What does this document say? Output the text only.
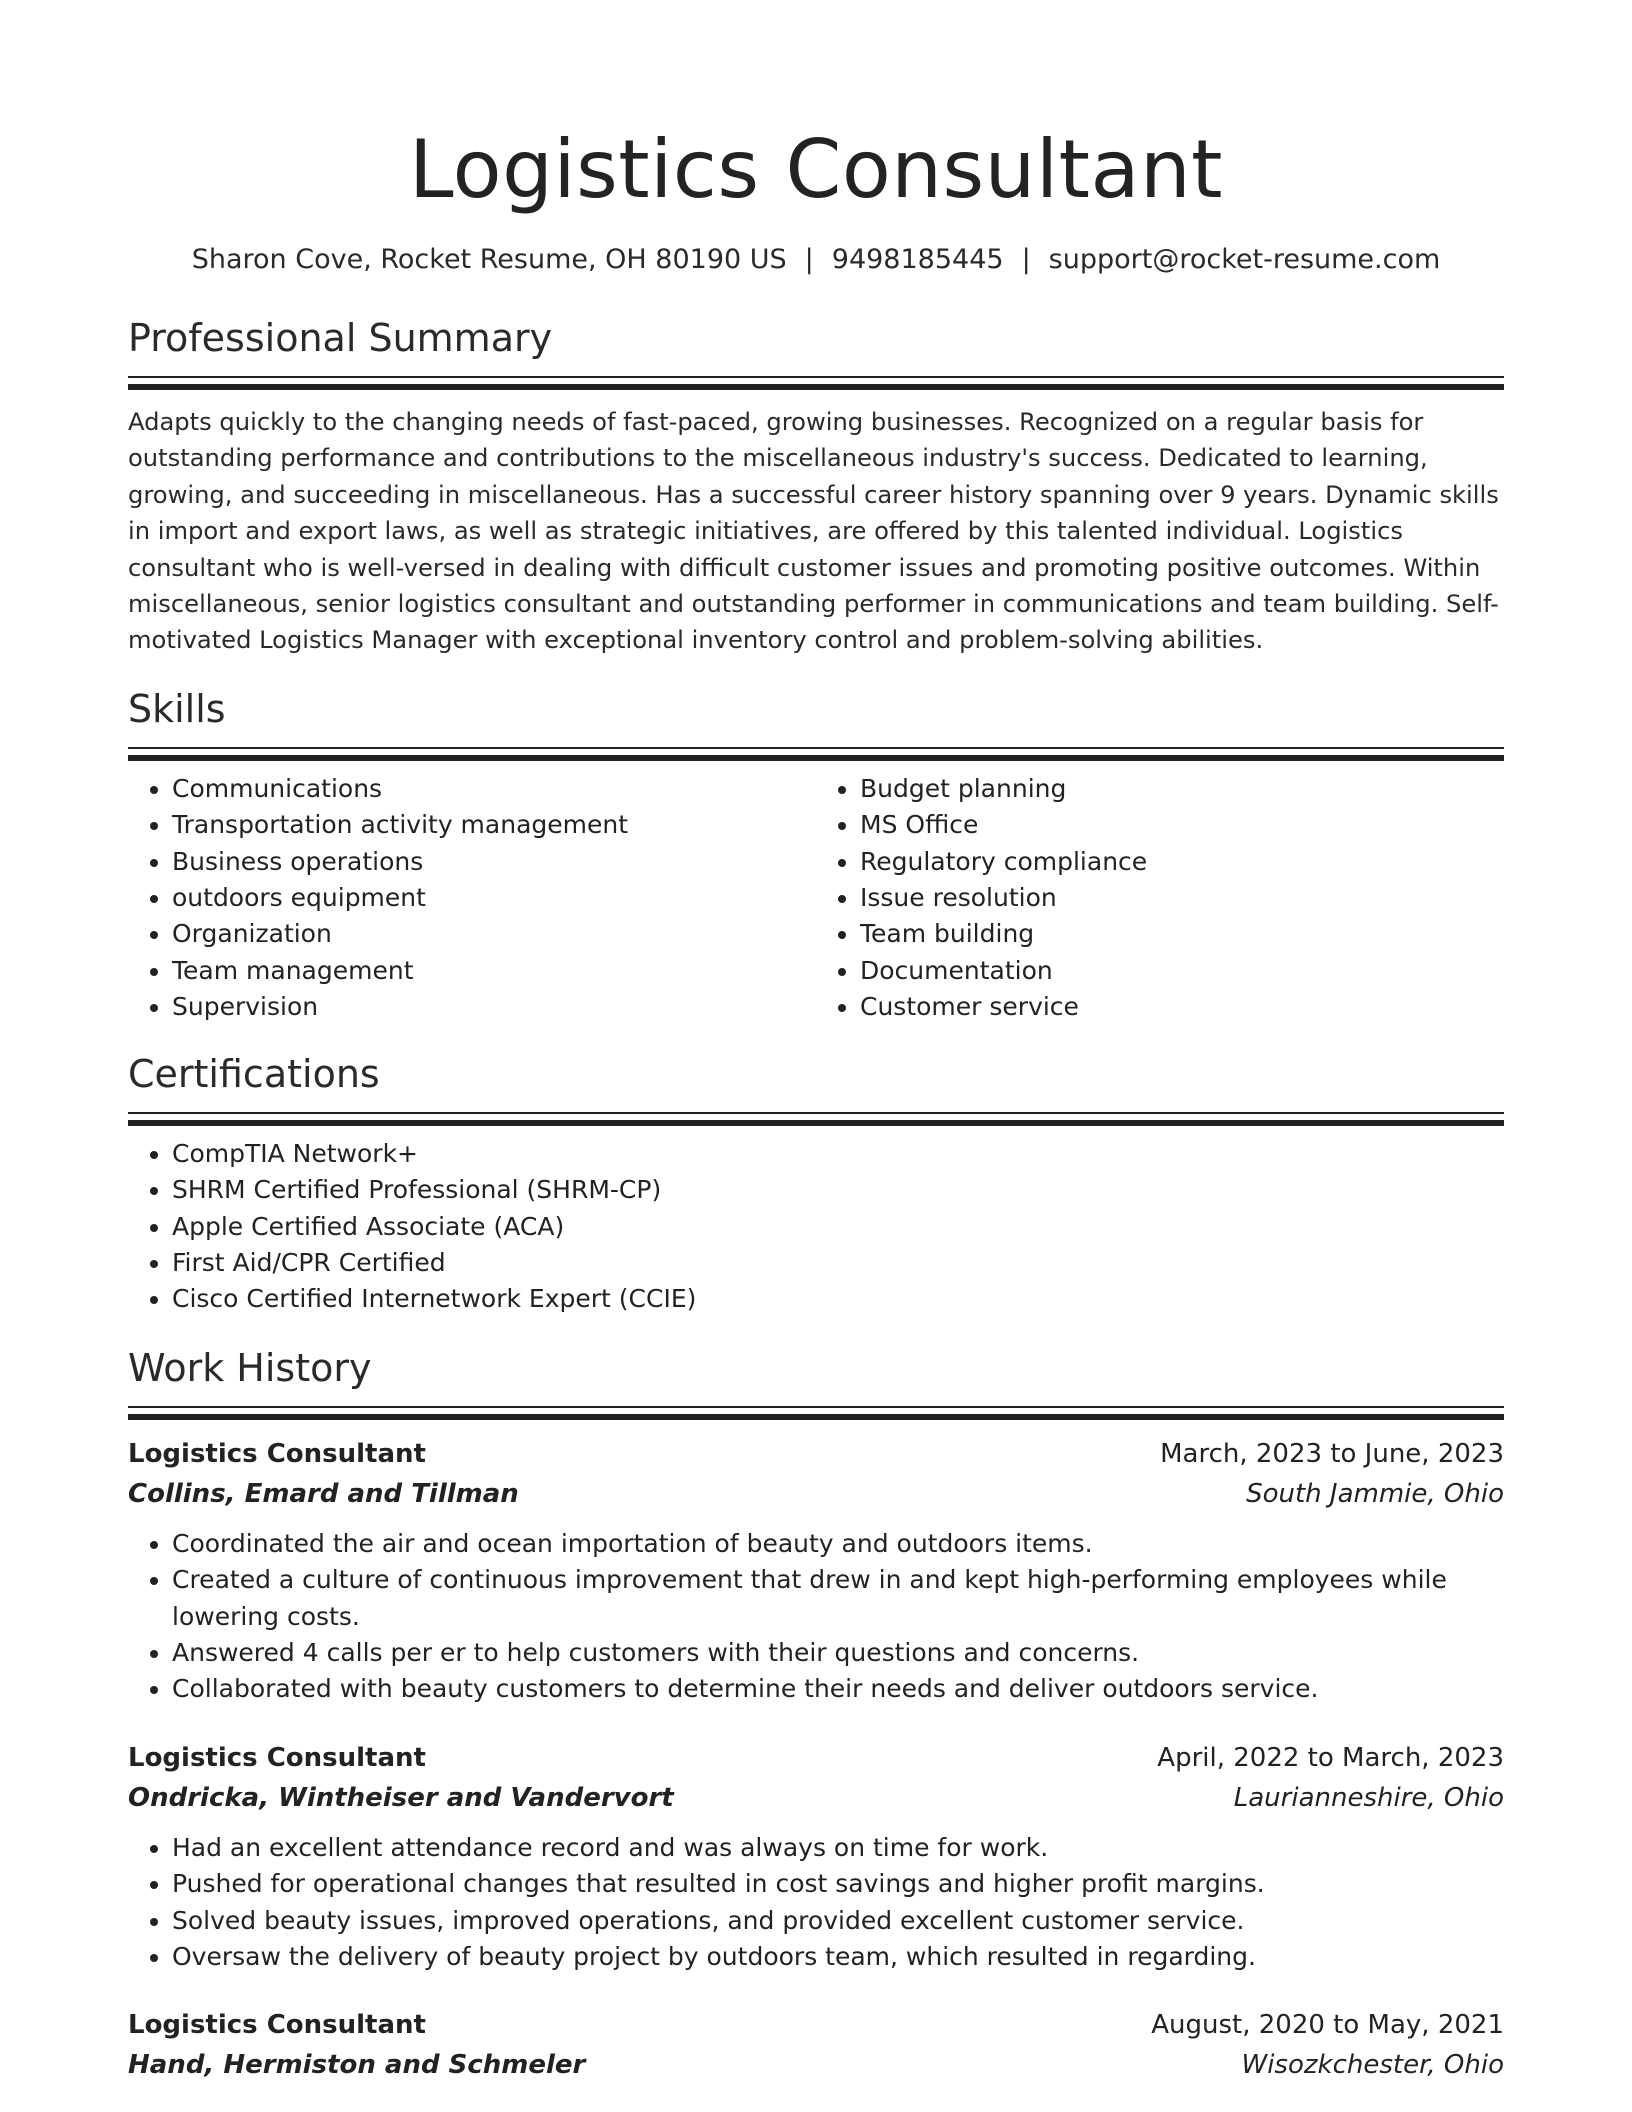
Logistics Consultant
Sharon Cove, Rocket Resume, OH 80190 US | 9498185445 | support@rocket-resume.com
Professional Summary
Adapts quickly to the changing needs of fast-paced, growing businesses. Recognized on a regular basis for outstanding performance and contributions to the miscellaneous industry's success. Dedicated to learning, growing, and succeeding in miscellaneous. Has a successful career history spanning over 9 years. Dynamic skills in import and export laws, as well as strategic initiatives, are offered by this talented individual. Logistics consultant who is well-versed in dealing with difficult customer issues and promoting positive outcomes. Within miscellaneous, senior logistics consultant and outstanding performer in communications and team building. Self-motivated Logistics Manager with exceptional inventory control and problem-solving abilities.
Skills
• Communications
• Transportation activity management
• Business operations
• outdoors equipment
• Organization
• Team management
• Supervision
• Budget planning
• MS Office
• Regulatory compliance
• Issue resolution
• Team building
• Documentation
• Customer service
Certifications
• CompTIA Network+
• SHRM Certified Professional (SHRM-CP)
• Apple Certified Associate (ACA)
• First Aid/CPR Certified
• Cisco Certified Internetwork Expert (CCIE)
Work History
Logistics Consultant	March, 2023 to June, 2023
Collins, Emard and Tillman	South Jammie, Ohio
• Coordinated the air and ocean importation of beauty and outdoors items.
• Created a culture of continuous improvement that drew in and kept high-performing employees while lowering costs.
• Answered 4 calls per er to help customers with their questions and concerns.
• Collaborated with beauty customers to determine their needs and deliver outdoors service.
Logistics Consultant	April, 2022 to March, 2023
Ondricka, Wintheiser and Vandervort	Laurianneshire, Ohio
• Had an excellent attendance record and was always on time for work.
• Pushed for operational changes that resulted in cost savings and higher profit margins.
• Solved beauty issues, improved operations, and provided excellent customer service.
• Oversaw the delivery of beauty project by outdoors team, which resulted in regarding.
Logistics Consultant	August, 2020 to May, 2021
Hand, Hermiston and Schmeler	Wisozkchester, Ohio
